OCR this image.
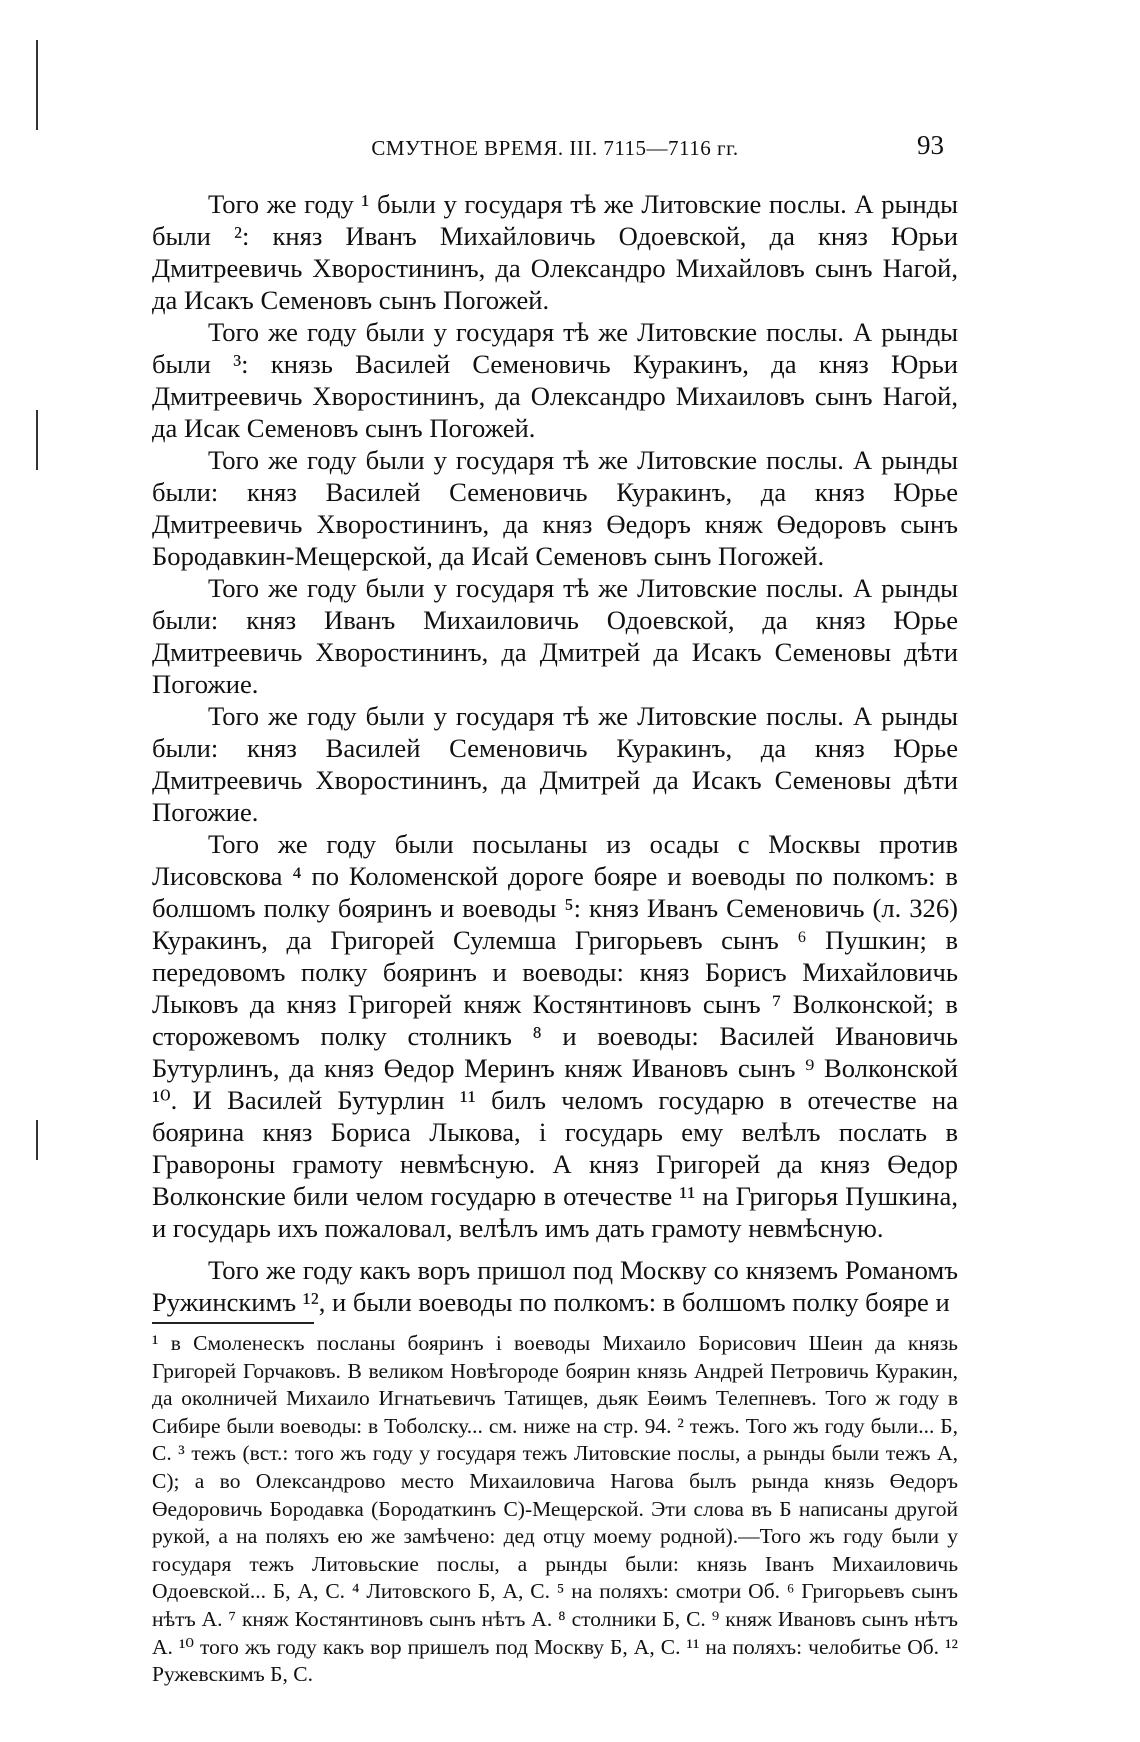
СМУТНОЕ ВРЕМЯ. III. 7115—7116 гг.	93

Того же году ¹ были у государя тѣ же Литовские послы. А рынды были ²: княз Иванъ Михайловичь Одоевской, да княз Юрьи Дмитреевичь Хворостининъ, да Олександро Михайловъ сынъ Нагой, да Исакъ Семеновъ сынъ Погожей.

Того же году были у государя тѣ же Литовские послы. А рынды были ³: князь Василей Семеновичь Куракинъ, да княз Юрьи Дмитреевичь Хворостининъ, да Олександро Михаиловъ сынъ Нагой, да Исак Семеновъ сынъ Погожей.

Того же году были у государя тѣ же Литовские послы. А рынды были: княз Василей Семеновичь Куракинъ, да княз Юрье Дмитреевичь Хворостининъ, да княз Өедоръ княж Өедоровъ сынъ Бородавкин-Мещерской, да Исай Семеновъ сынъ Погожей.

Того же году были у государя тѣ же Литовские послы. А рынды были: княз Иванъ Михаиловичь Одоевской, да княз Юрье Дмитреевичь Хворостининъ, да Дмитрей да Исакъ Семеновы дѣти Погожие.

Того же году были у государя тѣ же Литовские послы. А рынды были: княз Василей Семеновичь Куракинъ, да княз Юрье Дмитреевичь Хворостининъ, да Дмитрей да Исакъ Семеновы дѣти Погожие.

Того же году были посыланы из осады с Москвы против Лисовскова ⁴ по Коломенской дороге бояре и воеводы по полкомъ: в болшомъ полку бояринъ и воеводы ⁵: княз Иванъ Семеновичь (л. 326) Куракинъ, да Григорей Сулемша Григорьевъ сынъ ⁶ Пушкин; в передовомъ полку бояринъ и воеводы: княз Борисъ Михайловичь Лыковъ да княз Григорей княж Костянтиновъ сынъ ⁷ Волконской; в сторожевомъ полку столникъ ⁸ и воеводы: Василей Ивановичь Бутурлинъ, да княз Өедор Меринъ княж Ивановъ сынъ ⁹ Волконской ¹⁰. И Василей Бутурлин ¹¹ билъ челомъ государю в отечестве на боярина княз Бориса Лыкова, і государь ему велѣлъ послать в Гравороны грамоту невмѣсную. А княз Григорей да княз Өедор Волконские били челом государю в отечестве ¹¹ на Григорья Пушкина, и государь ихъ пожаловал, велѣлъ имъ дать грамоту невмѣсную.

Того же году какъ воръ пришол под Москву со княземъ Романомъ Ружинскимъ ¹², и были воеводы по полкомъ: в болшомъ полку бояре и

¹ в Смоленескъ посланы бояринъ і воеводы Михаило Борисович Шеин да князь Григорей Горчаковъ. В великом Новѣгороде боярин князь Андрей Петровичь Куракин, да околничей Михаило Игнатьевичъ Татищев, дьяк Еөимъ Телепневъ. Того ж году в Сибире были воеводы: в Тоболску... см. ниже на стр. 94. ² тежъ. Того жъ году были... Б, С. ³ тежъ (вст.: того жъ году у государя тежъ Литовские послы, а рынды были тежъ А, С); а во Олександрово место Михаиловича Нагова былъ рында князь Өедоръ Өедоровичь Бородавка (Бородаткинъ С)-Мещерской. Эти слова въ Б написаны другой рукой, а на поляхъ ею же замѣчено: дед отцу моему родной).—Того жъ году были у государя тежъ Литовьские послы, а рынды были: князь Іванъ Михаиловичь Одоевской... Б, А, С. ⁴ Литовского Б, А, С. ⁵ на поляхъ: смотри Об. ⁶ Григорьевъ сынъ нѣтъ А. ⁷ княж Костянтиновъ сынъ нѣтъ А. ⁸ столники Б, С. ⁹ княж Ивановъ сынъ нѣтъ А. ¹⁰ того жъ году какъ вор пришелъ под Москву Б, А, С. ¹¹ на поляхъ: челобитье Об. ¹² Ружевскимъ Б, С.
